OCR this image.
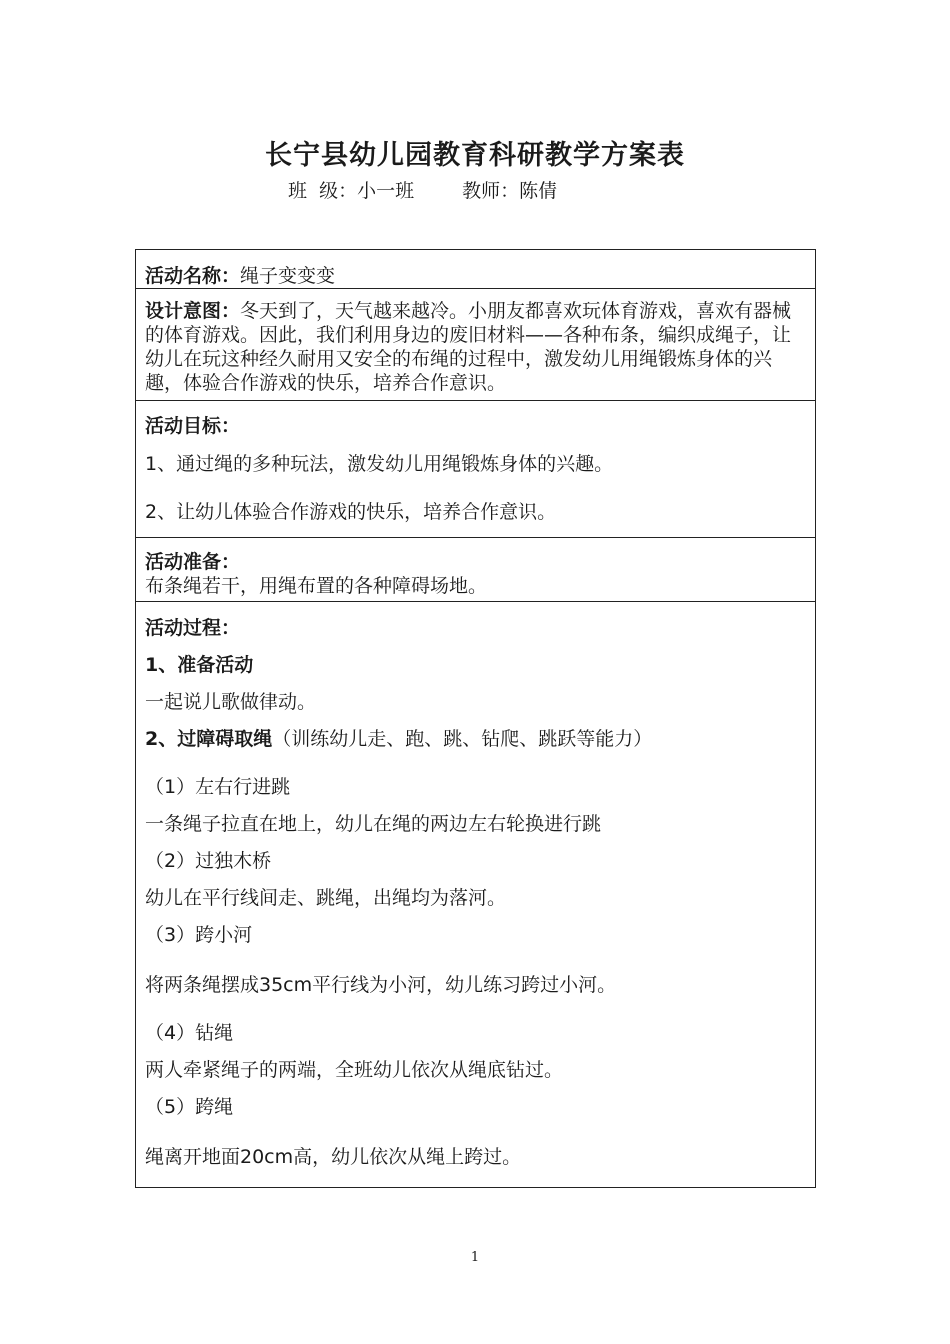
长宁县幼儿园教育科研教学方案表
班  级：小一班	教师：陈倩
活动名称：绳子变变变

设计意图：冬天到了，天气越来越冷。小朋友都喜欢玩体育游戏，喜欢有器械的体育游戏。因此，我们利用身边的废旧材料——各种布条，编织成绳子，让幼儿在玩这种经久耐用又安全的布绳的过程中，激发幼儿用绳锻炼身体的兴趣，体验合作游戏的快乐，培养合作意识。

活动目标：
1、通过绳的多种玩法，激发幼儿用绳锻炼身体的兴趣。
2、让幼儿体验合作游戏的快乐，培养合作意识。

活动准备：
布条绳若干，用绳布置的各种障碍场地。

活动过程：
1、准备活动
一起说儿歌做律动。
2、过障碍取绳（训练幼儿走、跑、跳、钻爬、跳跃等能力）
（1）左右行进跳
一条绳子拉直在地上，幼儿在绳的两边左右轮换进行跳
（2）过独木桥
幼儿在平行线间走、跳绳，出绳均为落河。
（3）跨小河
将两条绳摆成35cm平行线为小河，幼儿练习跨过小河。
（4）钻绳
两人牵紧绳子的两端，全班幼儿依次从绳底钻过。
（5）跨绳
绳离开地面20cm高，幼儿依次从绳上跨过。
1
